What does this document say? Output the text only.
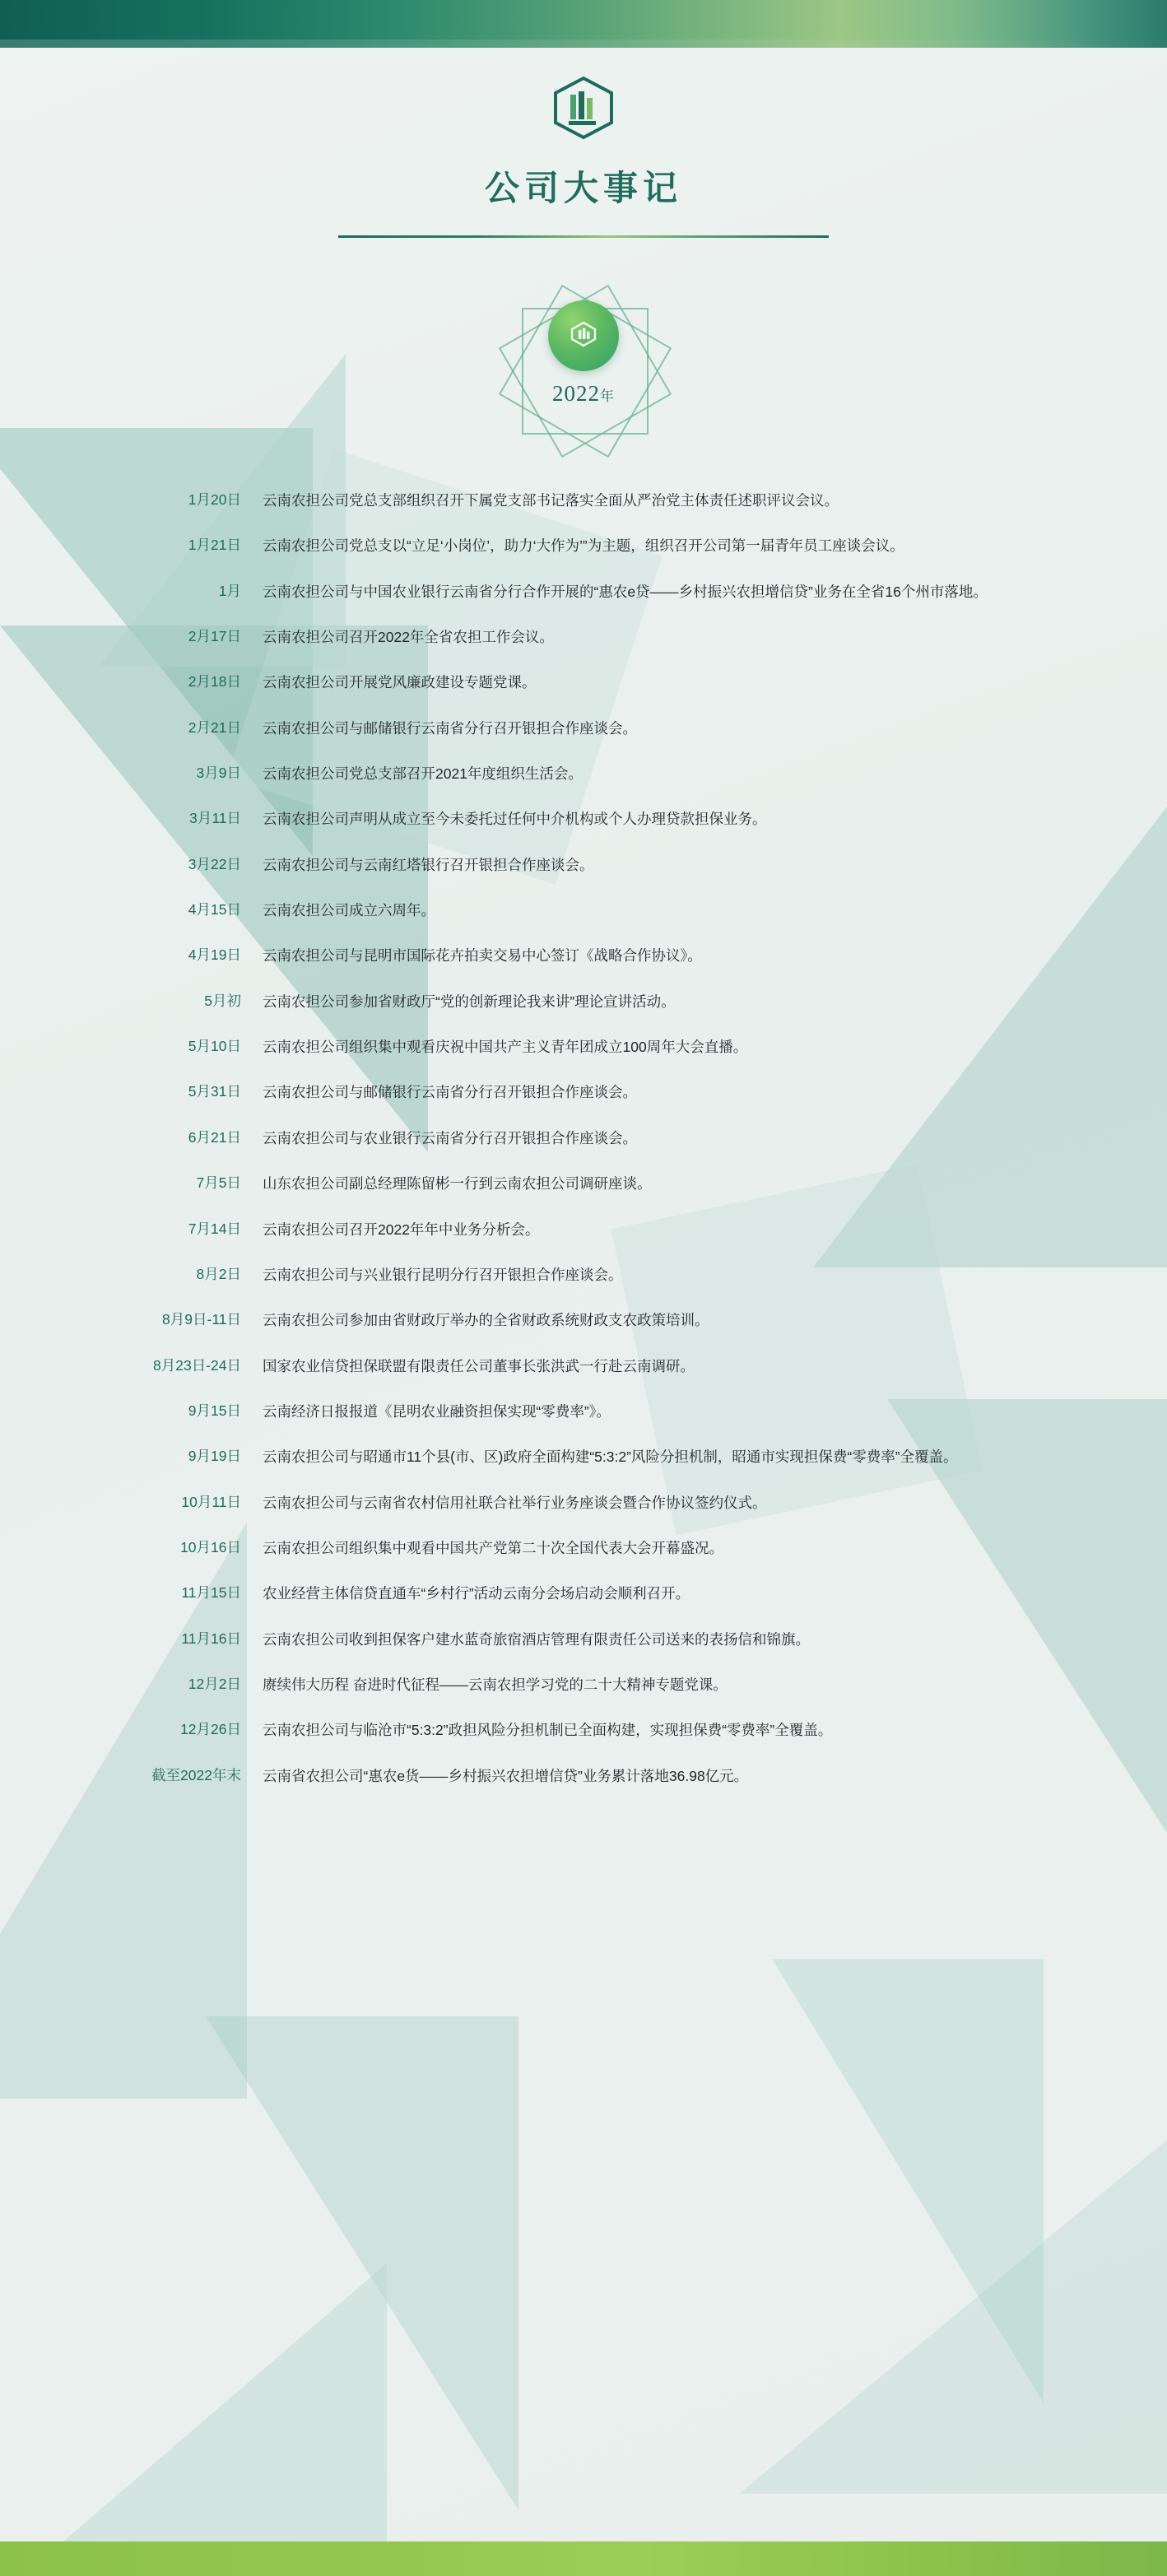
公司大事记
2022年
1月20日	云南农担公司党总支部组织召开下属党支部书记落实全面从严治党主体责任述职评议会议。
1月21日	云南农担公司党总支以“立足‘小岗位’，助力‘大作为’”为主题，组织召开公司第一届青年员工座谈会议。
1月	云南农担公司与中国农业银行云南省分行合作开展的“惠农e贷——乡村振兴农担增信贷”业务在全省16个州市落地。
2月17日	云南农担公司召开2022年全省农担工作会议。
2月18日	云南农担公司开展党风廉政建设专题党课。
2月21日	云南农担公司与邮储银行云南省分行召开银担合作座谈会。
3月9日	云南农担公司党总支部召开2021年度组织生活会。
3月11日	云南农担公司声明从成立至今未委托过任何中介机构或个人办理贷款担保业务。
3月22日	云南农担公司与云南红塔银行召开银担合作座谈会。
4月15日	云南农担公司成立六周年。
4月19日	云南农担公司与昆明市国际花卉拍卖交易中心签订《战略合作协议》。
5月初	云南农担公司参加省财政厅“党的创新理论我来讲”理论宣讲活动。
5月10日	云南农担公司组织集中观看庆祝中国共产主义青年团成立100周年大会直播。
5月31日	云南农担公司与邮储银行云南省分行召开银担合作座谈会。
6月21日	云南农担公司与农业银行云南省分行召开银担合作座谈会。
7月5日	山东农担公司副总经理陈留彬一行到云南农担公司调研座谈。
7月14日	云南农担公司召开2022年年中业务分析会。
8月2日	云南农担公司与兴业银行昆明分行召开银担合作座谈会。
8月9日-11日	云南农担公司参加由省财政厅举办的全省财政系统财政支农政策培训。
8月23日-24日	国家农业信贷担保联盟有限责任公司董事长张洪武一行赴云南调研。
9月15日	云南经济日报报道《昆明农业融资担保实现“零费率”》。
9月19日	云南农担公司与昭通市11个县(市、区)政府全面构建“5:3:2”风险分担机制，昭通市实现担保费“零费率”全覆盖。
10月11日	云南农担公司与云南省农村信用社联合社举行业务座谈会暨合作协议签约仪式。
10月16日	云南农担公司组织集中观看中国共产党第二十次全国代表大会开幕盛况。
11月15日	农业经营主体信贷直通车“乡村行”活动云南分会场启动会顺利召开。
11月16日	云南农担公司收到担保客户建水蓝奇旅宿酒店管理有限责任公司送来的表扬信和锦旗。
12月2日	赓续伟大历程 奋进时代征程——云南农担学习党的二十大精神专题党课。
12月26日	云南农担公司与临沧市“5:3:2”政担风险分担机制已全面构建，实现担保费“零费率”全覆盖。
截至2022年末	云南省农担公司“惠农e货——乡村振兴农担增信贷”业务累计落地36.98亿元。
